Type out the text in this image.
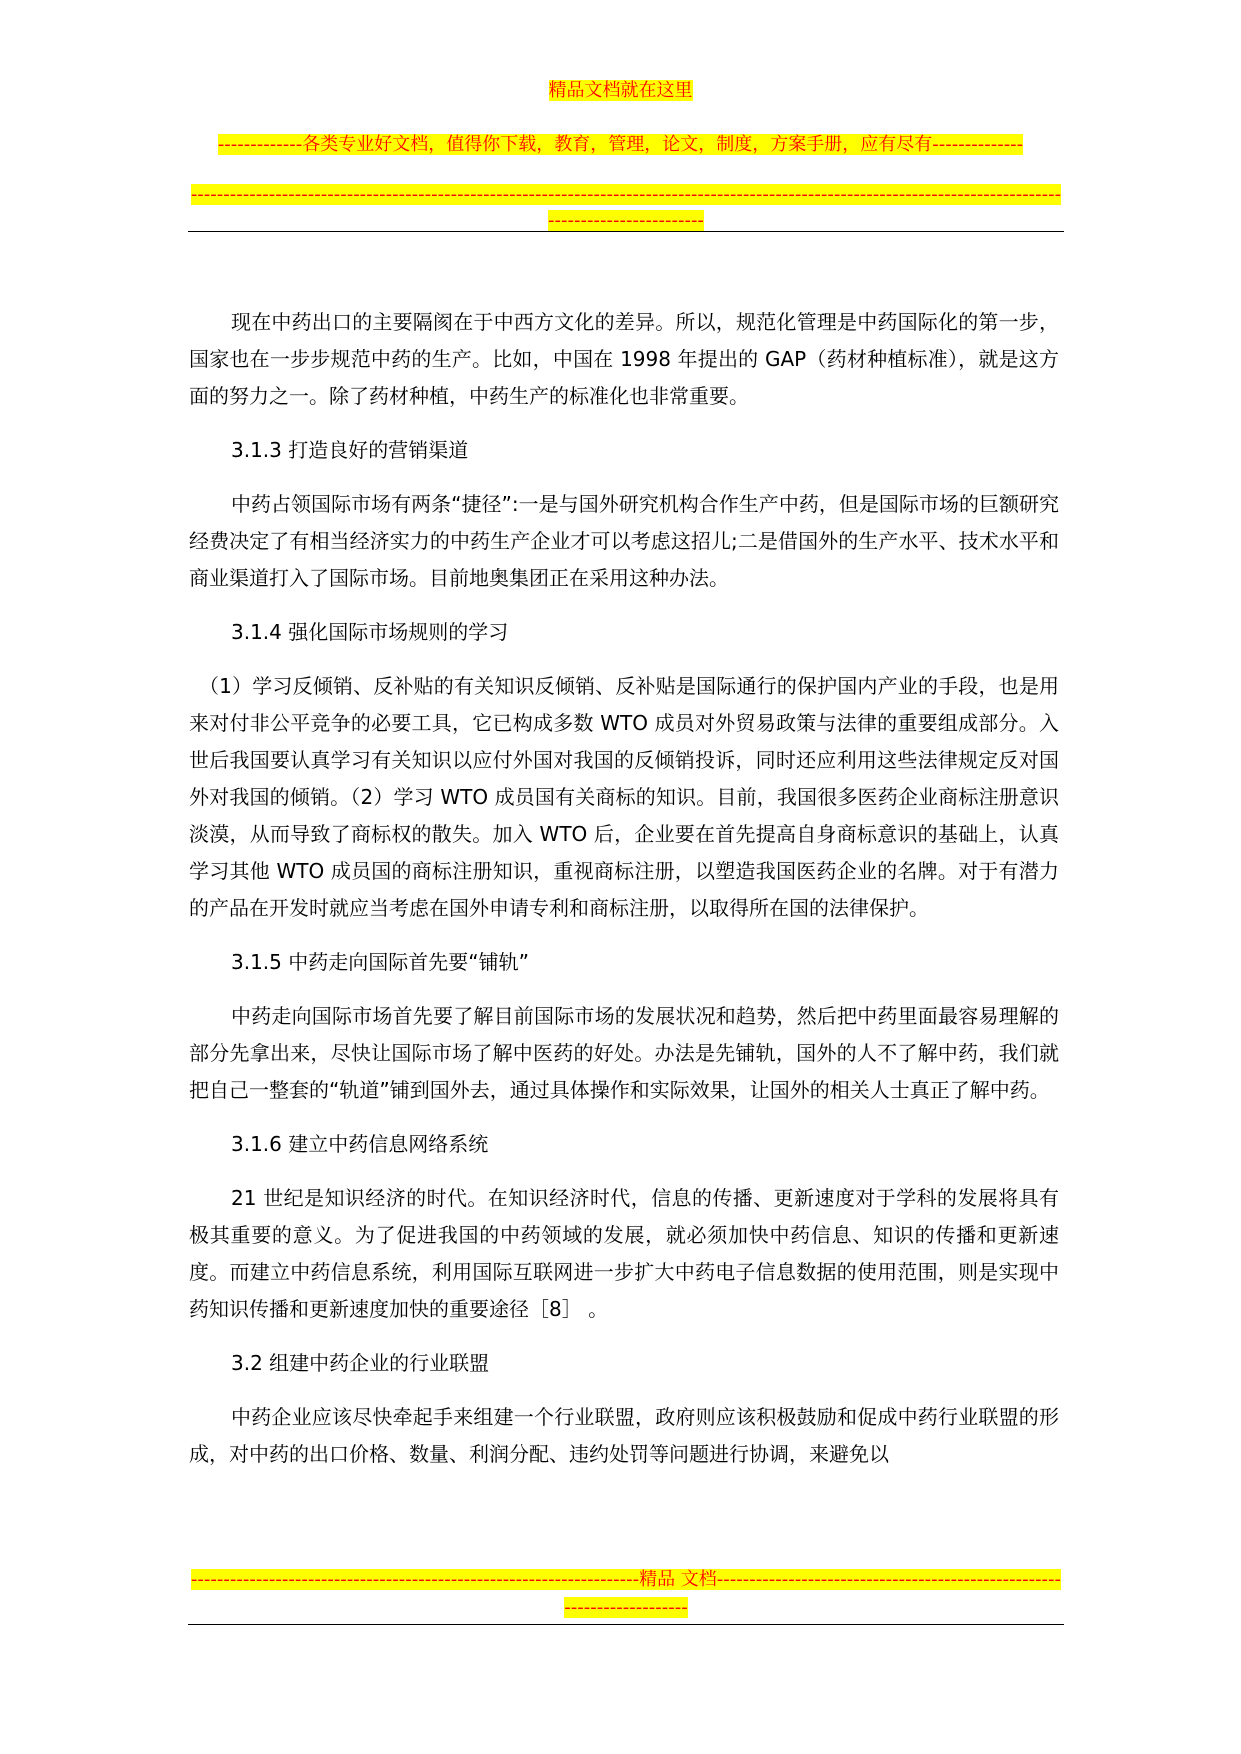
精品文档就在这里
-------------各类专业好文档，值得你下载，教育，管理，论文，制度，方案手册，应有尽有--------------
--------------------------------------------------------------------------------------------------------------------------------------------------------------

现在中药出口的主要隔阂在于中西方文化的差异。所以，规范化管理是中药国际化的第一步，国家也在一步步规范中药的生产。比如，中国在 1998 年提出的 GAP（药材种植标准），就是这方面的努力之一。除了药材种植，中药生产的标准化也非常重要。

3.1.3 打造良好的营销渠道

中药占领国际市场有两条“捷径”:一是与国外研究机构合作生产中药，但是国际市场的巨额研究经费决定了有相当经济实力的中药生产企业才可以考虑这招儿;二是借国外的生产水平、技术水平和商业渠道打入了国际市场。目前地奥集团正在采用这种办法。

3.1.4 强化国际市场规则的学习

（1）学习反倾销、反补贴的有关知识反倾销、反补贴是国际通行的保护国内产业的手段，也是用来对付非公平竞争的必要工具，它已构成多数 WTO 成员对外贸易政策与法律的重要组成部分。入世后我国要认真学习有关知识以应付外国对我国的反倾销投诉，同时还应利用这些法律规定反对国外对我国的倾销。（2）学习 WTO 成员国有关商标的知识。目前，我国很多医药企业商标注册意识淡漠，从而导致了商标权的散失。加入 WTO 后，企业要在首先提高自身商标意识的基础上，认真学习其他 WTO 成员国的商标注册知识，重视商标注册，以塑造我国医药企业的名牌。对于有潜力的产品在开发时就应当考虑在国外申请专利和商标注册，以取得所在国的法律保护。

3.1.5 中药走向国际首先要“铺轨”

中药走向国际市场首先要了解目前国际市场的发展状况和趋势，然后把中药里面最容易理解的部分先拿出来，尽快让国际市场了解中医药的好处。办法是先铺轨，国外的人不了解中药，我们就把自己一整套的“轨道”铺到国外去，通过具体操作和实际效果，让国外的相关人士真正了解中药。

3.1.6 建立中药信息网络系统

21 世纪是知识经济的时代。在知识经济时代，信息的传播、更新速度对于学科的发展将具有极其重要的意义。为了促进我国的中药领域的发展，就必须加快中药信息、知识的传播和更新速度。而建立中药信息系统，利用国际互联网进一步扩大中药电子信息数据的使用范围，则是实现中药知识传播和更新速度加快的重要途径［8］ 。

3.2 组建中药企业的行业联盟

中药企业应该尽快牵起手来组建一个行业联盟，政府则应该积极鼓励和促成中药行业联盟的形成，对中药的出口价格、数量、利润分配、违约处罚等问题进行协调，来避免以

---------------------------------------------------------------------精品 文档------------------------------------------------------------------------
